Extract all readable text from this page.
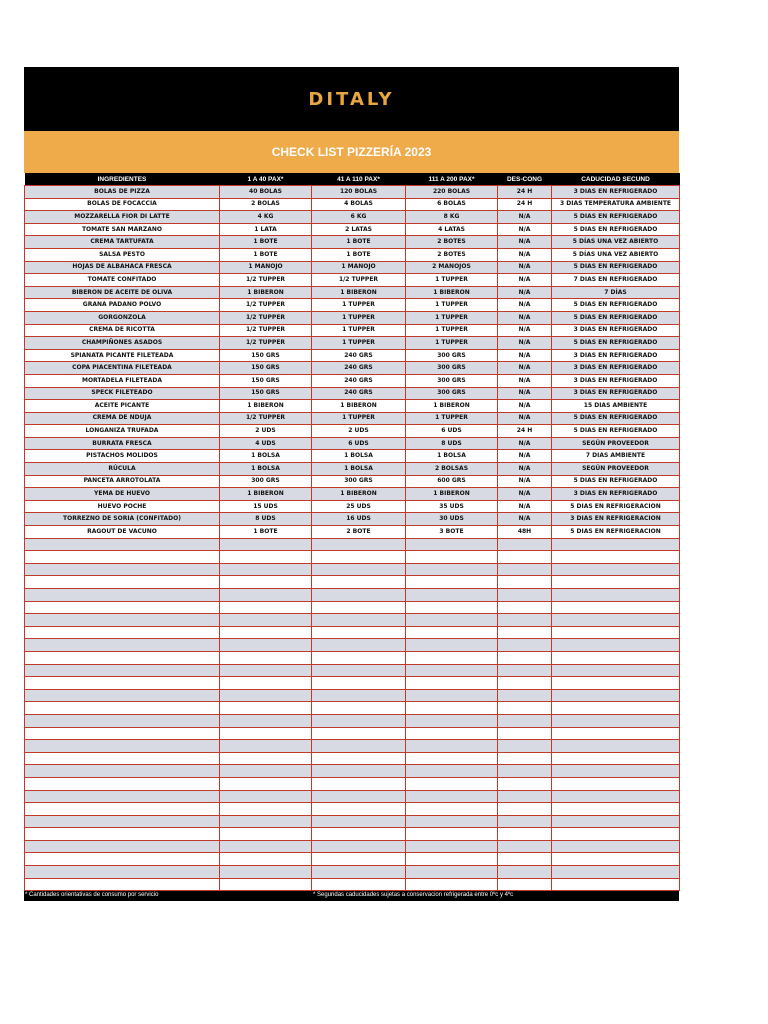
DITALY
CHECK LIST PIZZERÍA 2023
INGREDIENTES	1 A 40 PAX*	41 A 110 PAX*	111 A 200 PAX*	DES-CONG	CADUCIDAD SECUND
BOLAS DE PIZZA	40 BOLAS	120 BOLAS	220 BOLAS	24 H	3 DIAS EN REFRIGERADO
BOLAS DE FOCACCIA	2 BOLAS	4 BOLAS	6 BOLAS	24 H	3 DIAS TEMPERATURA AMBIENTE
MOZZARELLA FIOR DI LATTE	4 KG	6 KG	8 KG	N/A	5 DIAS EN REFRIGERADO
TOMATE SAN MARZANO	1 LATA	2 LATAS	4 LATAS	N/A	5 DIAS EN REFRIGERADO
CREMA TARTUFATA	1 BOTE	1 BOTE	2 BOTES	N/A	5 DÍAS UNA VEZ ABIERTO
SALSA PESTO	1 BOTE	1 BOTE	2 BOTES	N/A	5 DÍAS UNA VEZ ABIERTO
HOJAS DE ALBAHACA FRESCA	1 MANOJO	1 MANOJO	2 MANOJOS	N/A	5 DIAS EN REFRIGERADO
TOMATE CONFITADO	1/2 TUPPER	1/2 TUPPER	1 TUPPER	N/A	7 DIAS EN REFRIGERADO
BIBERON DE ACEITE DE OLIVA	1 BIBERON	1 BIBERON	1 BIBERON	N/A	7 DÍAS
GRANA PADANO POLVO	1/2 TUPPER	1 TUPPER	1 TUPPER	N/A	5 DIAS EN REFRIGERADO
GORGONZOLA	1/2 TUPPER	1 TUPPER	1 TUPPER	N/A	5 DIAS EN REFRIGERADO
CREMA DE RICOTTA	1/2 TUPPER	1 TUPPER	1 TUPPER	N/A	3 DIAS EN REFRIGERADO
CHAMPIÑONES ASADOS	1/2 TUPPER	1 TUPPER	1 TUPPER	N/A	5 DIAS EN REFRIGERADO
SPIANATA PICANTE FILETEADA	150 GRS	240 GRS	300 GRS	N/A	3 DIAS EN REFRIGERADO
COPA PIACENTINA FILETEADA	150 GRS	240 GRS	300 GRS	N/A	3 DIAS EN REFRIGERADO
MORTADELA FILETEADA	150 GRS	240 GRS	300 GRS	N/A	3 DIAS EN REFRIGERADO
SPECK FILETEADO	150 GRS	240 GRS	300 GRS	N/A	3 DIAS EN REFRIGERADO
ACEITE PICANTE	1 BIBERON	1 BIBERON	1 BIBERON	N/A	15 DIAS AMBIENTE
CREMA DE NDUJA	1/2 TUPPER	1 TUPPER	1 TUPPER	N/A	5 DIAS EN REFRIGERADO
LONGANIZA TRUFADA	2 UDS	2 UDS	6 UDS	24 H	5 DIAS EN REFRIGERADO
BURRATA FRESCA	4 UDS	6 UDS	8 UDS	N/A	SEGÚN PROVEEDOR
PISTACHOS MOLIDOS	1 BOLSA	1 BOLSA	1 BOLSA	N/A	7 DIAS AMBIENTE
RÚCULA	1 BOLSA	1 BOLSA	2 BOLSAS	N/A	SEGÚN PROVEEDOR
PANCETA ARROTOLATA	300 GRS	300 GRS	600 GRS	N/A	5 DIAS EN REFRIGERADO
YEMA DE HUEVO	1 BIBERON	1 BIBERON	1 BIBERON	N/A	3 DIAS EN REFRIGERADO
HUEVO POCHE	15 UDS	25 UDS	35 UDS	N/A	5 DIAS EN REFRIGERACION
TORREZNO DE SORIA (CONFITADO)	8 UDS	16 UDS	30 UDS	N/A	3 DIAS EN REFRIGERACION
RAGOUT DE VACUNO	1 BOTE	2 BOTE	3 BOTE	48H	5 DIAS EN REFRIGERACION

* Cantidades orientativas de consumo por servicio	* Segundas caducidades sujetas a conservacion refrigerada entre 0ºc y 4ºc
